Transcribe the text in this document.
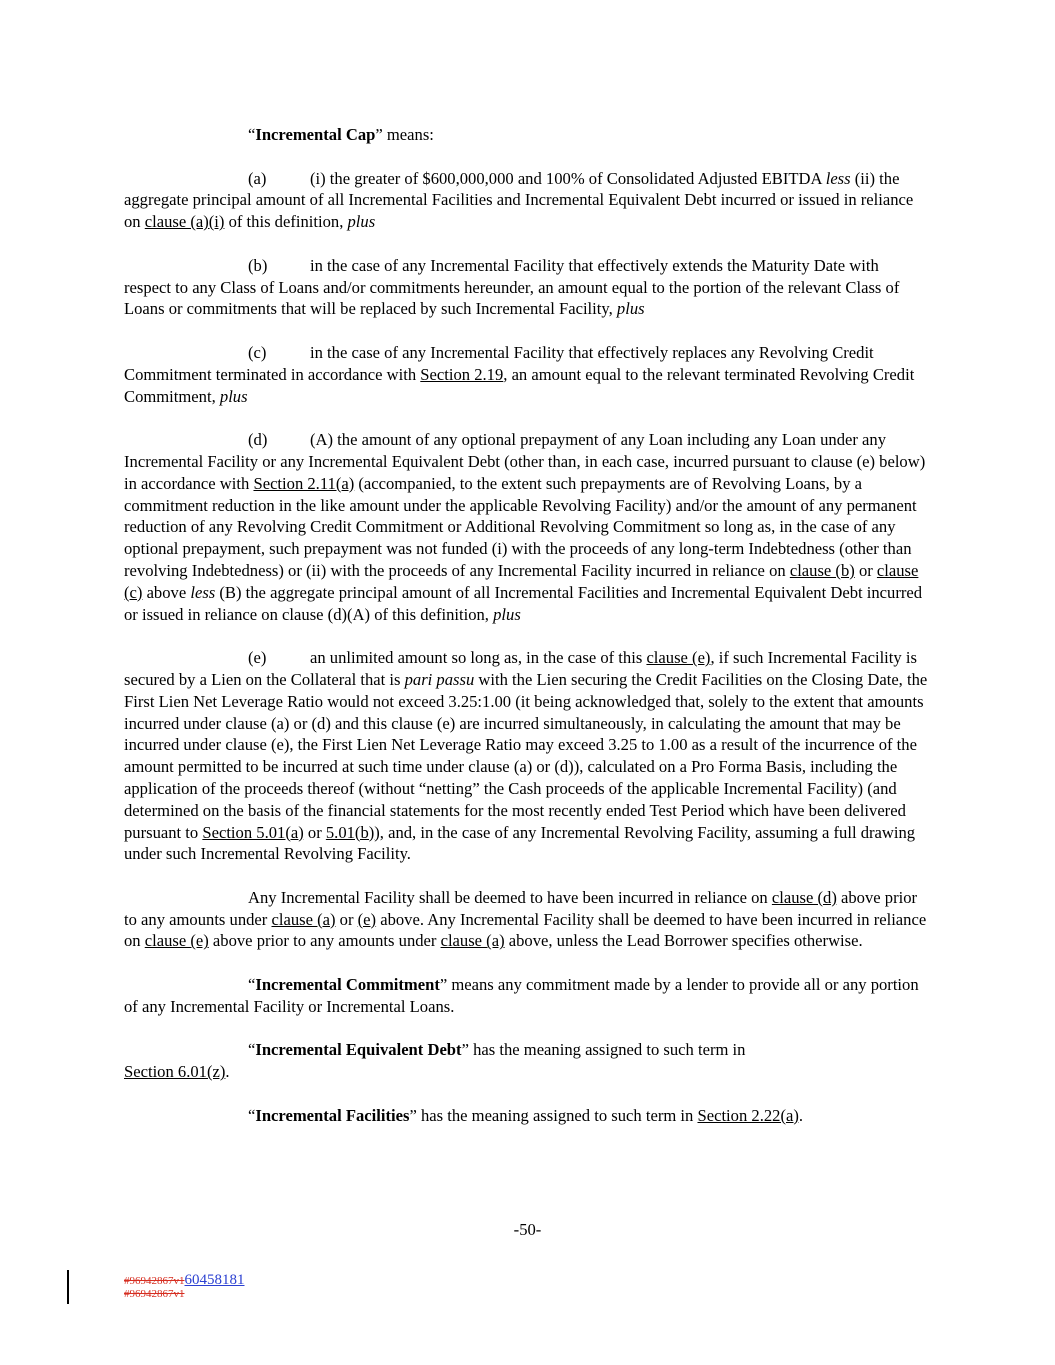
“Incremental Cap” means:

(a)	(i) the greater of $600,000,000 and 100% of Consolidated Adjusted EBITDA less (ii) the aggregate principal amount of all Incremental Facilities and Incremental Equivalent Debt incurred or issued in reliance on clause (a)(i) of this definition, plus

(b)	in the case of any Incremental Facility that effectively extends the Maturity Date with respect to any Class of Loans and/or commitments hereunder, an amount equal to the portion of the relevant Class of Loans or commitments that will be replaced by such Incremental Facility, plus

(c)	in the case of any Incremental Facility that effectively replaces any Revolving Credit Commitment terminated in accordance with Section 2.19, an amount equal to the relevant terminated Revolving Credit Commitment, plus

(d)	(A) the amount of any optional prepayment of any Loan including any Loan under any Incremental Facility or any Incremental Equivalent Debt (other than, in each case, incurred pursuant to clause (e) below) in accordance with Section 2.11(a) (accompanied, to the extent such prepayments are of Revolving Loans, by a commitment reduction in the like amount under the applicable Revolving Facility) and/or the amount of any permanent reduction of any Revolving Credit Commitment or Additional Revolving Commitment so long as, in the case of any optional prepayment, such prepayment was not funded (i) with the proceeds of any long-term Indebtedness (other than revolving Indebtedness) or (ii) with the proceeds of any Incremental Facility incurred in reliance on clause (b) or clause (c) above less (B) the aggregate principal amount of all Incremental Facilities and Incremental Equivalent Debt incurred or issued in reliance on clause (d)(A) of this definition, plus

(e)	an unlimited amount so long as, in the case of this clause (e), if such Incremental Facility is secured by a Lien on the Collateral that is pari passu with the Lien securing the Credit Facilities on the Closing Date, the First Lien Net Leverage Ratio would not exceed 3.25:1.00 (it being acknowledged that, solely to the extent that amounts incurred under clause (a) or (d) and this clause (e) are incurred simultaneously, in calculating the amount that may be incurred under clause (e), the First Lien Net Leverage Ratio may exceed 3.25 to 1.00 as a result of the incurrence of the amount permitted to be incurred at such time under clause (a) or (d)), calculated on a Pro Forma Basis, including the application of the proceeds thereof (without “netting” the Cash proceeds of the applicable Incremental Facility) (and determined on the basis of the financial statements for the most recently ended Test Period which have been delivered pursuant to Section 5.01(a) or 5.01(b)), and, in the case of any Incremental Revolving Facility, assuming a full drawing under such Incremental Revolving Facility.

Any Incremental Facility shall be deemed to have been incurred in reliance on clause (d) above prior to any amounts under clause (a) or (e) above. Any Incremental Facility shall be deemed to have been incurred in reliance on clause (e) above prior to any amounts under clause (a) above, unless the Lead Borrower specifies otherwise.

“Incremental Commitment” means any commitment made by a lender to provide all or any portion of any Incremental Facility or Incremental Loans.

“Incremental Equivalent Debt” has the meaning assigned to such term in
Section 6.01(z).

“Incremental Facilities” has the meaning assigned to such term in Section 2.22(a).

-50-
#96942867v160458181
#96942867v1
